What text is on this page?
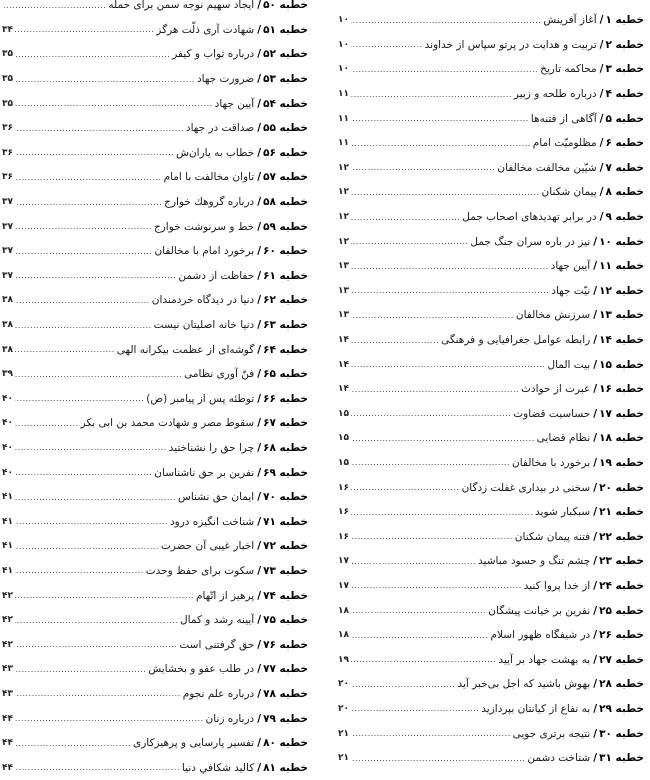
خطبه ۱/
آغاز آفرينش
.....
۱۰
خطبه ۲/
تربيت و هدايت در پرتو سپاس از خداوند
.....
۱۰
خطبه ۳/
محاكمه تاريخ
.....
۱۰
خطبه ۴/
درباره طلحه و زبير
.....
۱۱
خطبه ۵/
آگاهی از فتنه‌ها
.....
۱۱
خطبه ۶/
مظلوميّت امام
.....
۱۱
خطبه ۷/
شيّين مخالفت مخالفان
.....
۱۲
خطبه ۸/
پيمان شكنان
.....
۱۲
خطبه ۹/
در برابر تهديدهای اصحاب جمل
.....
۱۲
خطبه ۱۰/
نيز در باره سران جنگ جمل
.....
۱۲
خطبه ۱۱/
آيين جهاد
.....
۱۳
خطبه ۱۲/
نيّت جهاد
.....
۱۳
خطبه ۱۳/
سرزنش مخالفان
.....
۱۳
خطبه ۱۴/
رابطه عوامل جغرافيايی و فرهنگی
.....
۱۴
خطبه ۱۵/
بيت المال
.....
۱۴
خطبه ۱۶/
عبرت از حوادث
.....
۱۴
خطبه ۱۷/
حساسيت قضاوت
.....
۱۵
خطبه ۱۸/
نظام قضايی
.....
۱۵
خطبه ۱۹/
برخورد با مخالفان
.....
۱۵
خطبه ۲۰/
سخنی در بيداری غفلت زدگان
.....
۱۶
خطبه ۲۱/
سبكبار شويد
.....
۱۶
خطبه ۲۲/
فتنه پيمان شكنان
.....
۱۶
خطبه ۲۳/
چشم تنگ و حسود مباشيد
.....
۱۷
خطبه ۲۴/
از خدا پروا كنيد
.....
۱۷
خطبه ۲۵/
نفرين بر خيانت پيشگان
.....
۱۸
خطبه ۲۶/
در شيفگاه ظهور اسلام
.....
۱۸
خطبه ۲۷/
به بهشت جهاد بر آييد
.....
۱۹
خطبه ۲۸/
بهوش باشيد كه اجل بی‌خبر آيد
.....
۲۰
خطبه ۲۹/
به نفاع از كيانتان بپردازيد
.....
۲۰
خطبه ۳۰/
نتيجه برتری جويی
.....
۲۱
خطبه ۳۱/
شناخت دشمن
.....
۲۱
خطبه ۵۰/
ايجاد سهيم نوجه سمن برای حمله
.....
خطبه ۵۱/
شهادت آری ذلّت هرگز
.....
۳۴
خطبه ۵۲/
درباره ثواب و كيفر
.....
۳۵
خطبه ۵۳/
ضرورت جهاد
.....
۳۵
خطبه ۵۴/
آيين جهاد
.....
۳۵
خطبه ۵۵/
صداقت در جهاد
.....
۳۶
خطبه ۵۶/
خطاب به ياران‌ش
.....
۳۶
خطبه ۵۷/
تاوان مخالفت با امام
.....
۳۶
خطبه ۵۸/
درباره گروهك خوارج
.....
۳۷
خطبه ۵۹/
خط و سرنوشت خوارج
.....
۳۷
خطبه ۶۰/
برخورد امام با مخالفان
.....
۳۷
خطبه ۶۱/
حفاظت از دشمن
.....
۳۷
خطبه ۶۲/
دنيا در ديدگاه خردمندان
.....
۳۸
خطبه ۶۳/
دنيا خانه اصليتان نيست
.....
۳۸
خطبه ۶۴/
گوشه‌ای از عظمت بيكرانه الهی
.....
۳۸
خطبه ۶۵/
فنّ آوری نظامی
.....
۳۹
خطبه ۶۶/
توطئه پس از پيامبر (ص)
.....
۴۰
خطبه ۶۷/
سقوط مصر و شهادت محمد بن ابی بكر
.....
۴۰
خطبه ۶۸/
چرا حق را نشناختيد
.....
۴۰
خطبه ۶۹/
نفرين بر حق ناشناسان
.....
۴۰
خطبه ۷۰/
ايمان حق نشناس
.....
۴۱
خطبه ۷۱/
شناخت انگيزه درود
.....
۴۱
خطبه ۷۲/
اخبار غيبی آن حضرت
.....
۴۱
خطبه ۷۳/
سكوت برای حفظ وحدت
.....
۴۱
خطبه ۷۴/
پرهيز از اتّهام
.....
۴۲
خطبه ۷۵/
آيينه رشد و كمال
.....
۴۲
خطبه ۷۶/
حق گرفتنی است
.....
۴۲
خطبه ۷۷/
در طلب عفو و بخشايش
.....
۴۳
خطبه ۷۸/
درباره علم نجوم
.....
۴۳
خطبه ۷۹/
درباره زنان
.....
۴۴
خطبه ۸۰/
تفسير پارسايی و پرهيزكاری
.....
۴۴
خطبه ۸۱/
كاليد شكافي دنيا
.....
۴۴
